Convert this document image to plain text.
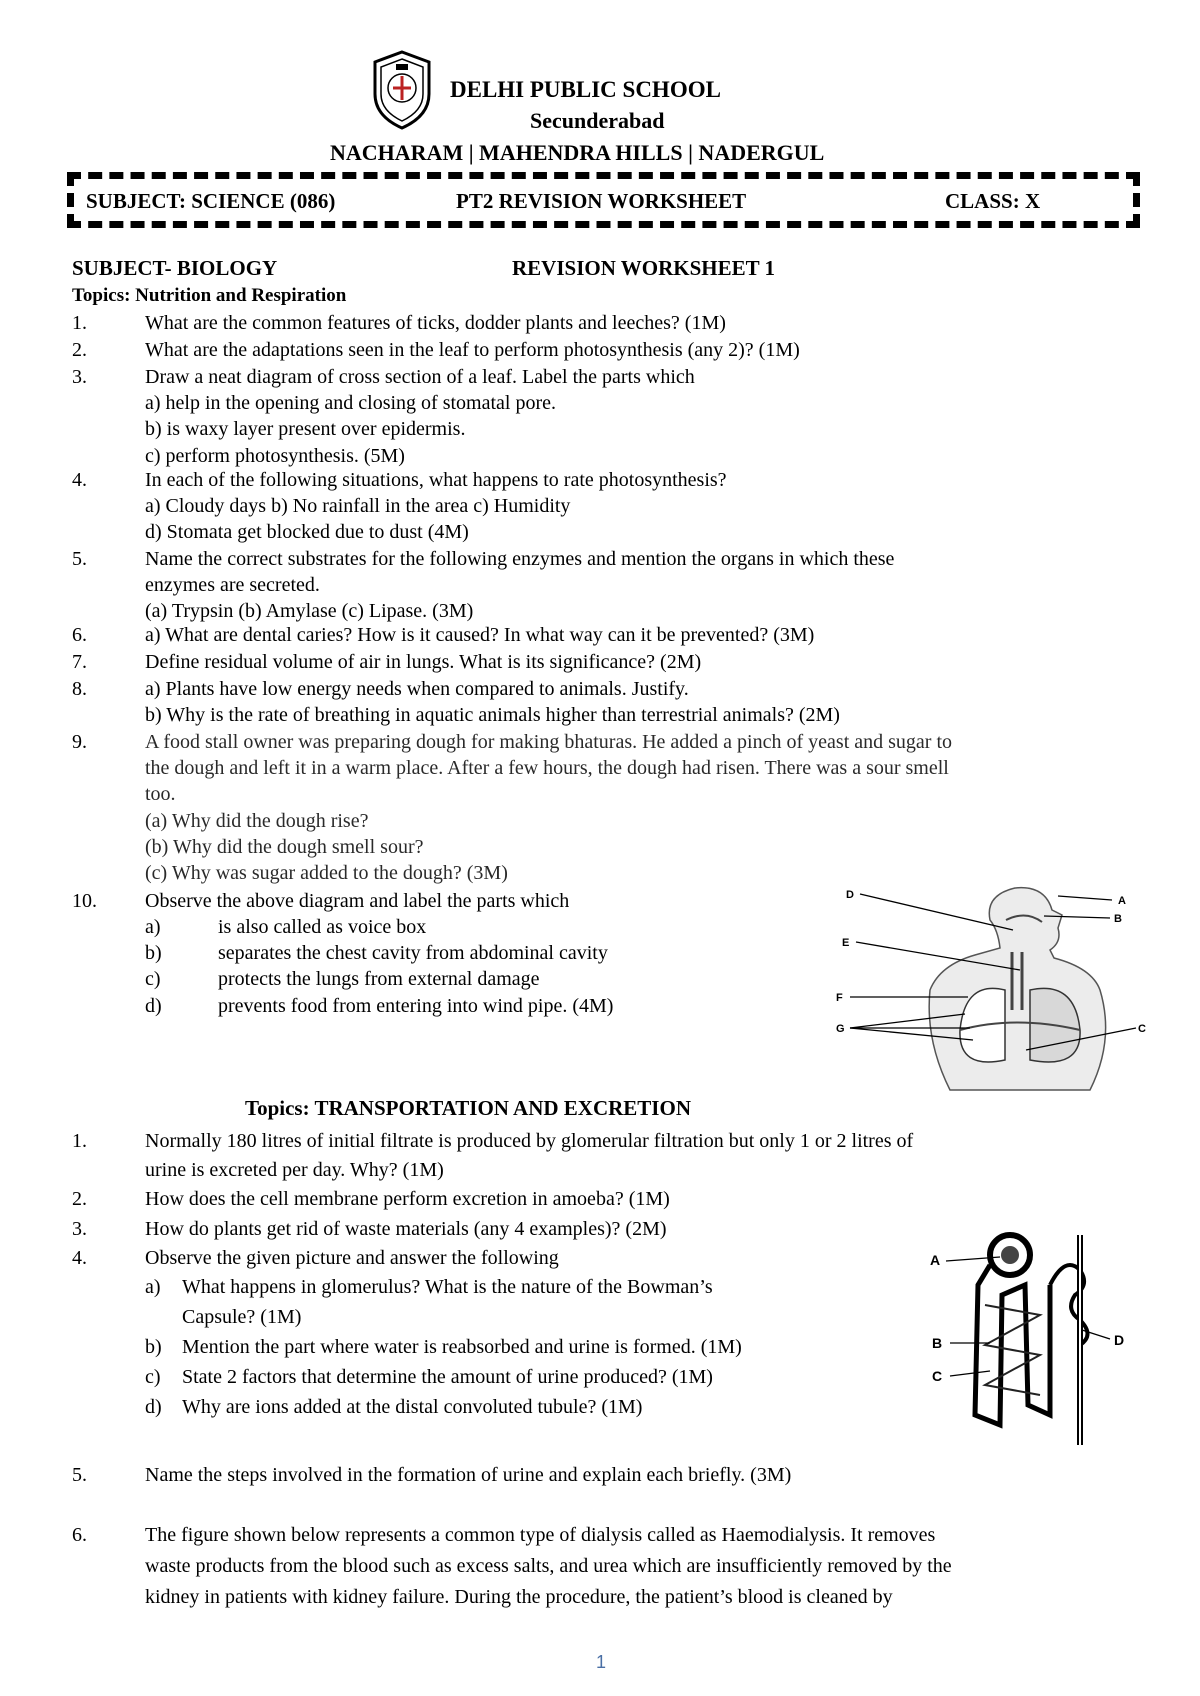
DELHI PUBLIC SCHOOL
Secunderabad
NACHARAM | MAHENDRA HILLS | NADERGUL
SUBJECT: SCIENCE (086)	PT2 REVISION WORKSHEET	CLASS: X
SUBJECT- BIOLOGY	REVISION WORKSHEET 1
Topics: Nutrition and Respiration
1.	What are the common features of ticks, dodder plants and leeches? (1M)
2.	What are the adaptations seen in the leaf to perform photosynthesis (any 2)? (1M)
3.	Draw a neat diagram of cross section of a leaf. Label the parts which
a) help in the opening and closing of stomatal pore.
b) is waxy layer present over epidermis.
c) perform photosynthesis. (5M)
4.	In each of the following situations, what happens to rate photosynthesis?
a) Cloudy days b) No rainfall in the area c) Humidity
d) Stomata get blocked due to dust (4M)
5.	Name the correct substrates for the following enzymes and mention the organs in which these
enzymes are secreted.
(a) Trypsin (b) Amylase (c) Lipase. (3M)
6.	a) What are dental caries? How is it caused? In what way can it be prevented? (3M)
7.	Define residual volume of air in lungs. What is its significance? (2M)
8.	a) Plants have low energy needs when compared to animals. Justify.
b) Why is the rate of breathing in aquatic animals higher than terrestrial animals? (2M)
9.	A food stall owner was preparing dough for making bhaturas. He added a pinch of yeast and sugar to
the dough and left it in a warm place. After a few hours, the dough had risen. There was a sour smell
too.
(a) Why did the dough rise?
(b) Why did the dough smell sour?
(c) Why was sugar added to the dough? (3M)
10. Observe the above diagram and label the parts which
a)	is also called as voice box
b)	separates the chest cavity from abdominal cavity
c)	protects the lungs from external damage
d)	prevents food from entering into wind pipe. (4M)
D	A
B
E
F
G	C
Topics: TRANSPORTATION AND EXCRETION
1.	Normally 180 litres of initial filtrate is produced by glomerular filtration but only 1 or 2 litres of
urine is excreted per day. Why? (1M)
2.	How does the cell membrane perform excretion in amoeba? (1M)
3.	How do plants get rid of waste materials (any 4 examples)? (2M)
4.	Observe the given picture and answer the following
a) What happens in glomerulus? What is the nature of the Bowman’s
Capsule? (1M)
b) Mention the part where water is reabsorbed and urine is formed. (1M)
c) State 2 factors that determine the amount of urine produced? (1M)
d) Why are ions added at the distal convoluted tubule? (1M)
5.	Name the steps involved in the formation of urine and explain each briefly. (3M)
6.	The figure shown below represents a common type of dialysis called as Haemodialysis. It removes
waste products from the blood such as excess salts, and urea which are insufficiently removed by the
kidney in patients with kidney failure. During the procedure, the patient’s blood is cleaned by
A
D
B
C
1
